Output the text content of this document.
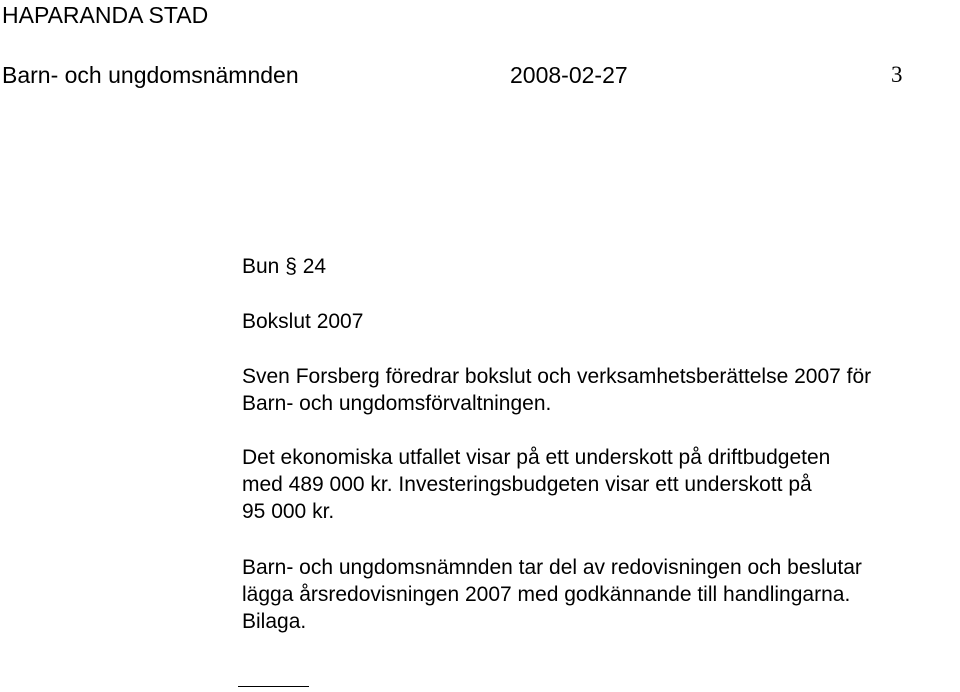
HAPARANDA STAD
Barn- och ungdomsnämnden	2008-02-27	3
Bun § 24
Bokslut 2007
Sven Forsberg föredrar bokslut och verksamhetsberättelse 2007 för
Barn- och ungdomsförvaltningen.
Det ekonomiska utfallet visar på ett underskott på driftbudgeten
med 489 000 kr. Investeringsbudgeten visar ett underskott på
95 000 kr.
Barn- och ungdomsnämnden tar del av redovisningen och beslutar
lägga årsredovisningen 2007 med godkännande till handlingarna.
Bilaga.
